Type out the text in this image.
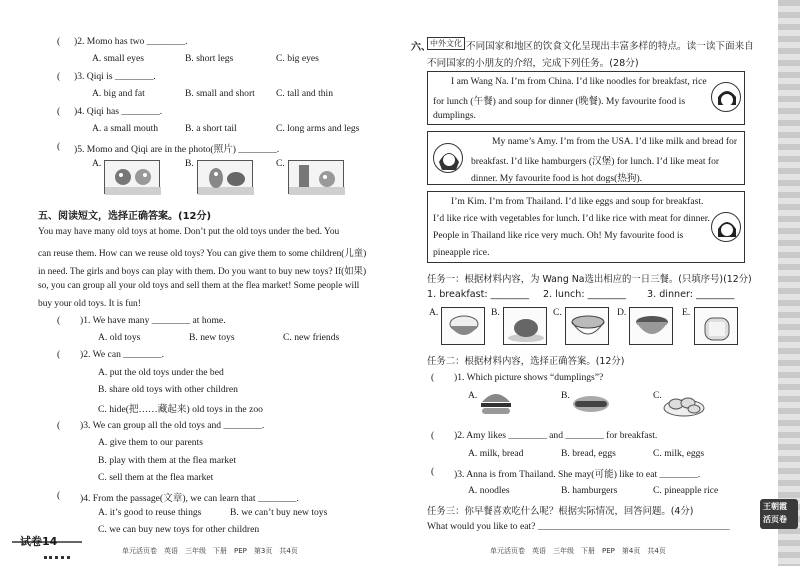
( )2. Momo has two ________.
A. small eyes	B. short legs	C. big eyes
( )3. Qiqi is ________.
A. big and fat	B. small and short C. tall and thin
( )4. Qiqi has ________.
A. a small mouth	B. a short tail	C. long arms and legs
( )5. Momo and Qiqi are in the photo(照片) ________.
A.	B.	C.
五、阅读短文，选择正确答案。(12分)
You may have many old toys at home. Don’t put the old toys under the bed. You
can reuse them. How can we reuse old toys? You can give them to some children(儿童)
in need. The girls and boys can play with them. Do you want to buy new toys? If(如果)
so, you can group all your old toys and sell them at the flea market! Some people will
buy your old toys. It is fun!
( )1. We have many ________ at home.
A. old toys	B. new toys	C. new friends
( )2. We can ________.
A. put the old toys under the bed
B. share old toys with other children
C. hide(把……藏起来) old toys in the zoo
( )3. We can group all the old toys and ________.
A. give them to our parents
B. play with them at the flea market
C. sell them at the flea market
( )4. From the passage(文章), we can learn that ________.
A. it’s good to reuse things	B. we can’t buy new toys
C. we can buy new toys for other children
试卷14
单元活页卷　英语　三年级　下册　PEP　第3页　共4页
六、 中外文化 不同国家和地区的饮食文化呈现出丰富多样的特点。读一读下面来自
不同国家的小朋友的介绍，完成下列任务。(28分)
I am Wang Na. I’m from China. I’d like noodles for breakfast, rice
for lunch (午餐) and soup for dinner (晚餐). My favourite food is
dumplings.
My name’s Amy. I’m from the USA. I’d like milk and bread for
breakfast. I’d like hamburgers (汉堡) for lunch. I’d like meat for
dinner. My favourite food is hot dogs(热狗).
I’m Kim. I’m from Thailand. I’d like eggs and soup for breakfast.
I’d like rice with vegetables for lunch. I’d like rice with meat for dinner.
People in Thailand like rice very much. Oh! My favourite food is
pineapple rice.
任务一：根据材料内容，为 Wang Na选出相应的一日三餐。(只填序号)(12分)
1. breakfast: ________ 2. lunch: ________ 3. dinner: ________
A.	B.	C.	D.	E.
任务二：根据材料内容，选择正确答案。(12分)
( )1. Which picture shows “dumplings”?
A.	B.	C.
( )2. Amy likes ________ and ________ for breakfast.
A. milk, bread	B. bread, eggs	C. milk, eggs
( )3. Anna is from Thailand. She may(可能) like to eat ________.
A. noodles	B. hamburgers	C. pineapple rice
任务三：你早餐喜欢吃什么呢？根据实际情况，回答问题。(4分)
What would you like to eat? ________________________________________
王朝霞
活页卷
单元活页卷　英语　三年级　下册　PEP　第4页　共4页
